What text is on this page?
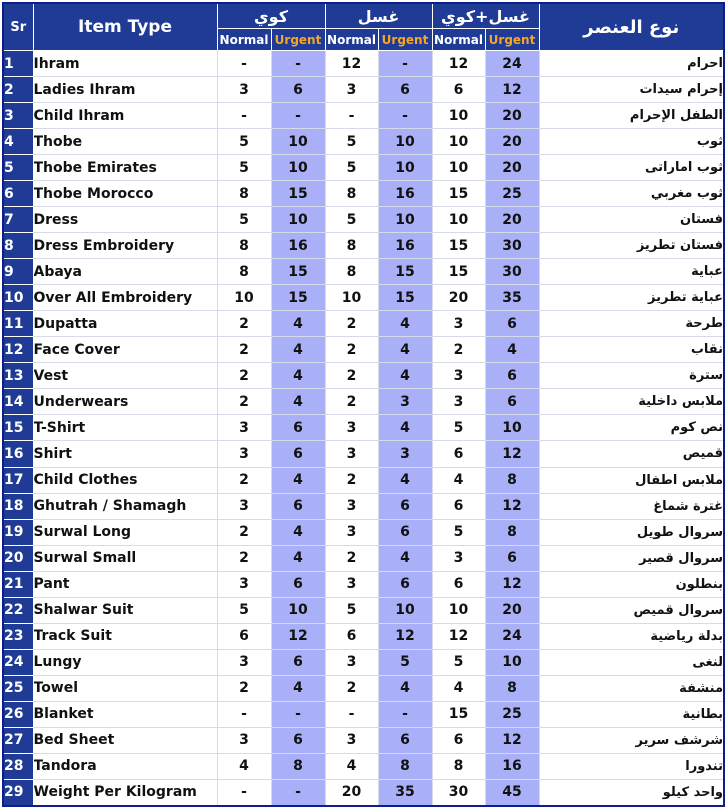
Sr	Item Type	كوي		غسل		غسل+كوي		نوع العنصر
		Normal	Urgent	Normal	Urgent	Normal	Urgent	
1	Ihram	-	-	12	-	12	24	احرام
2	Ladies Ihram	3	6	3	6	6	12	إحرام سيدات
3	Child Ihram	-	-	-	-	10	20	الطفل الإحرام
4	Thobe	5	10	5	10	10	20	ثوب
5	Thobe Emirates	5	10	5	10	10	20	ثوب اماراتى
6	Thobe Morocco	8	15	8	16	15	25	ثوب مغربي
7	Dress	5	10	5	10	10	20	فستان
8	Dress Embroidery	8	16	8	16	15	30	فستان تطريز
9	Abaya	8	15	8	15	15	30	عباية
10	Over All Embroidery	10	15	10	15	20	35	عباية تطريز
11	Dupatta	2	4	2	4	3	6	طرحة
12	Face Cover	2	4	2	4	2	4	نقاب
13	Vest	2	4	2	4	3	6	سترة
14	Underwears	2	4	2	3	3	6	ملابس داخلية
15	T-Shirt	3	6	3	4	5	10	نص كوم
16	Shirt	3	6	3	3	6	12	قميص
17	Child Clothes	2	4	2	4	4	8	ملابس اطفال
18	Ghutrah / Shamagh	3	6	3	6	6	12	غترة شماغ
19	Surwal Long	2	4	3	6	5	8	سروال طويل
20	Surwal Small	2	4	2	4	3	6	سروال قصير
21	Pant	3	6	3	6	6	12	بنطلون
22	Shalwar Suit	5	10	5	10	10	20	سروال قميص
23	Track Suit	6	12	6	12	12	24	بدلة رياضية
24	Lungy	3	6	3	5	5	10	لنغى
25	Towel	2	4	2	4	4	8	منشفة
26	Blanket	-	-	-	-	15	25	بطانية
27	Bed Sheet	3	6	3	6	6	12	شرشف سرير
28	Tandora	4	8	4	8	8	16	تندورا
29	Weight Per Kilogram	-	-	20	35	30	45	واحد كيلو
